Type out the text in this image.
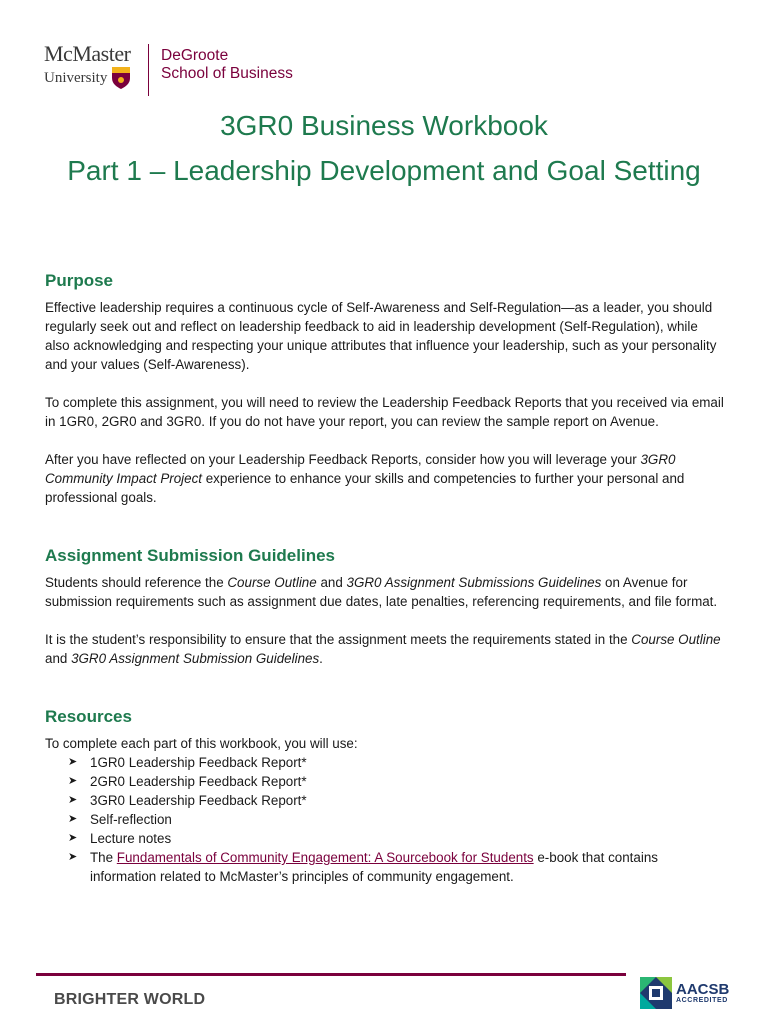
McMaster
University
DeGroote
School of Business
3GR0 Business Workbook
Part 1 – Leadership Development and Goal Setting
Purpose

Effective leadership requires a continuous cycle of Self-Awareness and Self-Regulation—as a leader, you should regularly seek out and reflect on leadership feedback to aid in leadership development (Self-Regulation), while also acknowledging and respecting your unique attributes that influence your leadership, such as your personality and your values (Self-Awareness).

To complete this assignment, you will need to review the Leadership Feedback Reports that you received via email in 1GR0, 2GR0 and 3GR0. If you do not have your report, you can review the sample report on Avenue.

After you have reflected on your Leadership Feedback Reports, consider how you will leverage your 3GR0 Community Impact Project experience to enhance your skills and competencies to further your personal and professional goals.

Assignment Submission Guidelines

Students should reference the Course Outline and 3GR0 Assignment Submissions Guidelines on Avenue for submission requirements such as assignment due dates, late penalties, referencing requirements, and file format.

It is the student’s responsibility to ensure that the assignment meets the requirements stated in the Course Outline and 3GR0 Assignment Submission Guidelines.

Resources
To complete each part of this workbook, you will use:
➤ 1GR0 Leadership Feedback Report*
➤ 2GR0 Leadership Feedback Report*
➤ 3GR0 Leadership Feedback Report*
➤ Self-reflection
➤ Lecture notes
➤ The Fundamentals of Community Engagement: A Sourcebook for Students e-book that contains information related to McMaster’s principles of community engagement.
BRIGHTER WORLD
AACSB
ACCREDITED
